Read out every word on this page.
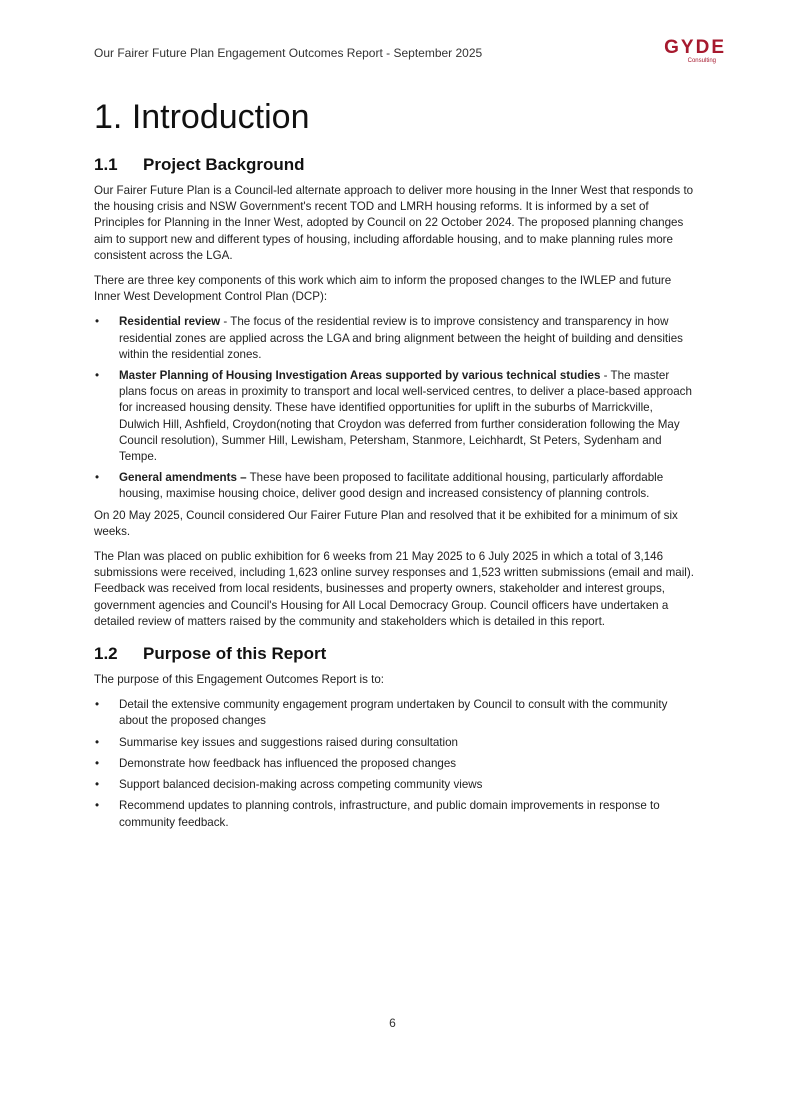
Our Fairer Future Plan Engagement Outcomes Report - September 2025	GYDE
Consulting
1. Introduction
1.1 Project Background

Our Fairer Future Plan is a Council-led alternate approach to deliver more housing in the Inner West that responds to the housing crisis and NSW Government's recent TOD and LMRH housing reforms. It is informed by a set of Principles for Planning in the Inner West, adopted by Council on 22 October 2024. The proposed planning changes aim to support new and different types of housing, including affordable housing, and to make planning rules more consistent across the LGA.

There are three key components of this work which aim to inform the proposed changes to the IWLEP and future Inner West Development Control Plan (DCP):

• Residential review - The focus of the residential review is to improve consistency and transparency in how residential zones are applied across the LGA and bring alignment between the height of building and densities within the residential zones.
• Master Planning of Housing Investigation Areas supported by various technical studies - The master plans focus on areas in proximity to transport and local well-serviced centres, to deliver a place-based approach for increased housing density. These have identified opportunities for uplift in the suburbs of Marrickville, Dulwich Hill, Ashfield, Croydon(noting that Croydon was deferred from further consideration following the May Council resolution), Summer Hill, Lewisham, Petersham, Stanmore, Leichhardt, St Peters, Sydenham and Tempe.
• General amendments – These have been proposed to facilitate additional housing, particularly affordable housing, maximise housing choice, deliver good design and increased consistency of planning controls.

On 20 May 2025, Council considered Our Fairer Future Plan and resolved that it be exhibited for a minimum of six weeks.

The Plan was placed on public exhibition for 6 weeks from 21 May 2025 to 6 July 2025 in which a total of 3,146 submissions were received, including 1,623 online survey responses and 1,523 written submissions (email and mail). Feedback was received from local residents, businesses and property owners, stakeholder and interest groups, government agencies and Council's Housing for All Local Democracy Group. Council officers have undertaken a detailed review of matters raised by the community and stakeholders which is detailed in this report.

1.2 Purpose of this Report

The purpose of this Engagement Outcomes Report is to:

• Detail the extensive community engagement program undertaken by Council to consult with the community about the proposed changes
• Summarise key issues and suggestions raised during consultation
• Demonstrate how feedback has influenced the proposed changes
• Support balanced decision-making across competing community views
• Recommend updates to planning controls, infrastructure, and public domain improvements in response to community feedback.
6
